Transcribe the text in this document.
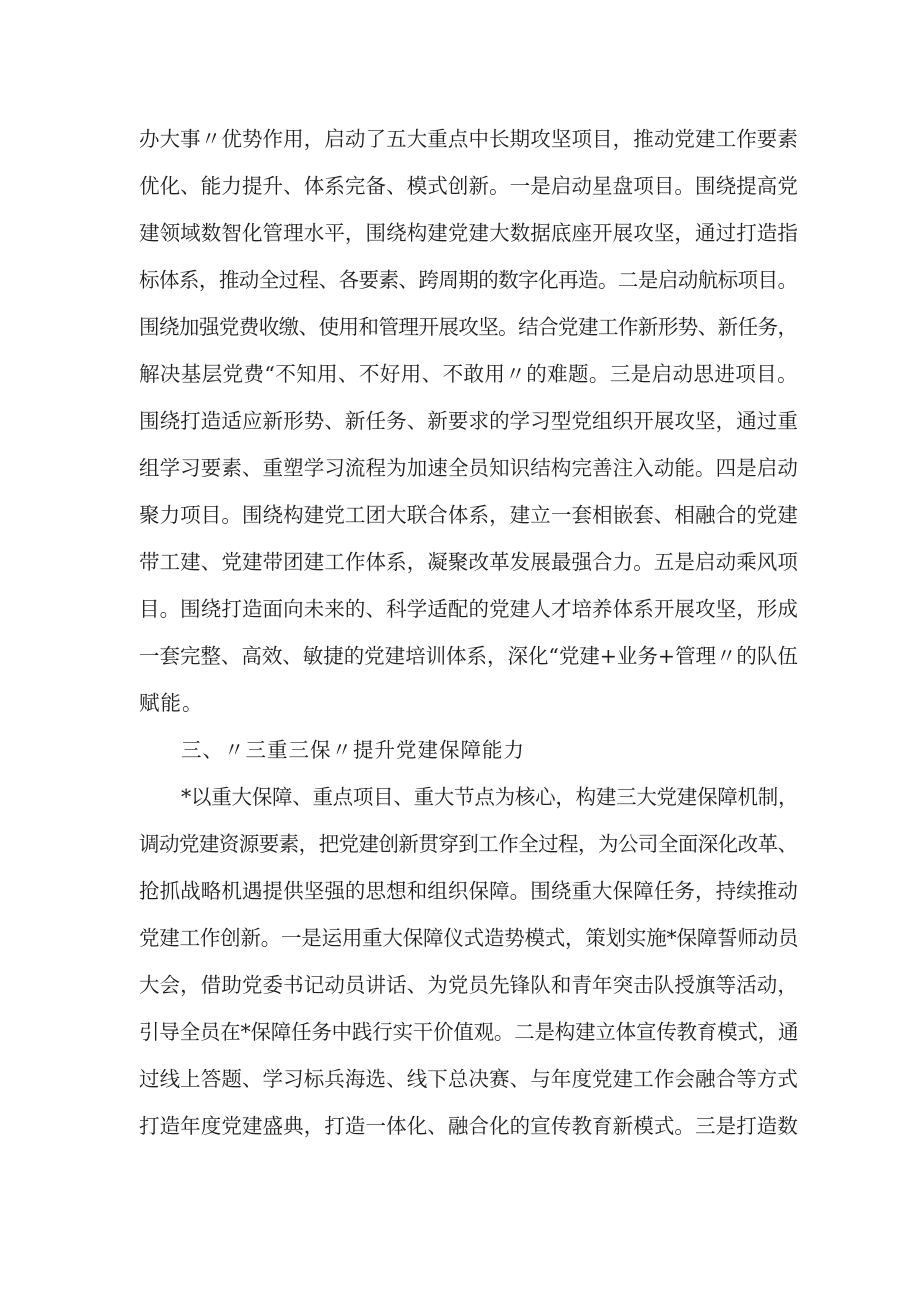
办大事〃优势作用，启动了五大重点中长期攻坚项目，推动党建工作要素

优化、能力提升、体系完备、模式创新。一是启动星盘项目。围绕提高党

建领域数智化管理水平，围绕构建党建大数据底座开展攻坚，通过打造指

标体系，推动全过程、各要素、跨周期的数字化再造。二是启动航标项目。

围绕加强党费收缴、使用和管理开展攻坚。结合党建工作新形势、新任务，

解决基层党费“不知用、不好用、不敢用〃的难题。三是启动思进项目。

围绕打造适应新形势、新任务、新要求的学习型党组织开展攻坚，通过重

组学习要素、重塑学习流程为加速全员知识结构完善注入动能。四是启动

聚力项目。围绕构建党工团大联合体系，建立一套相嵌套、相融合的党建

带工建、党建带团建工作体系，凝聚改革发展最强合力。五是启动乘风项

目。围绕打造面向未来的、科学适配的党建人才培养体系开展攻坚，形成

一套完整、高效、敏捷的党建培训体系，深化“党建+业务+管理〃的队伍

赋能。

三、〃三重三保〃提升党建保障能力

*以重大保障、重点项目、重大节点为核心，构建三大党建保障机制，

调动党建资源要素，把党建创新贯穿到工作全过程，为公司全面深化改革、

抢抓战略机遇提供坚强的思想和组织保障。围绕重大保障任务，持续推动

党建工作创新。一是运用重大保障仪式造势模式，策划实施*保障誓师动员

大会，借助党委书记动员讲话、为党员先锋队和青年突击队授旗等活动，

引导全员在*保障任务中践行实干价值观。二是构建立体宣传教育模式，通

过线上答题、学习标兵海选、线下总决赛、与年度党建工作会融合等方式

打造年度党建盛典，打造一体化、融合化的宣传教育新模式。三是打造数
